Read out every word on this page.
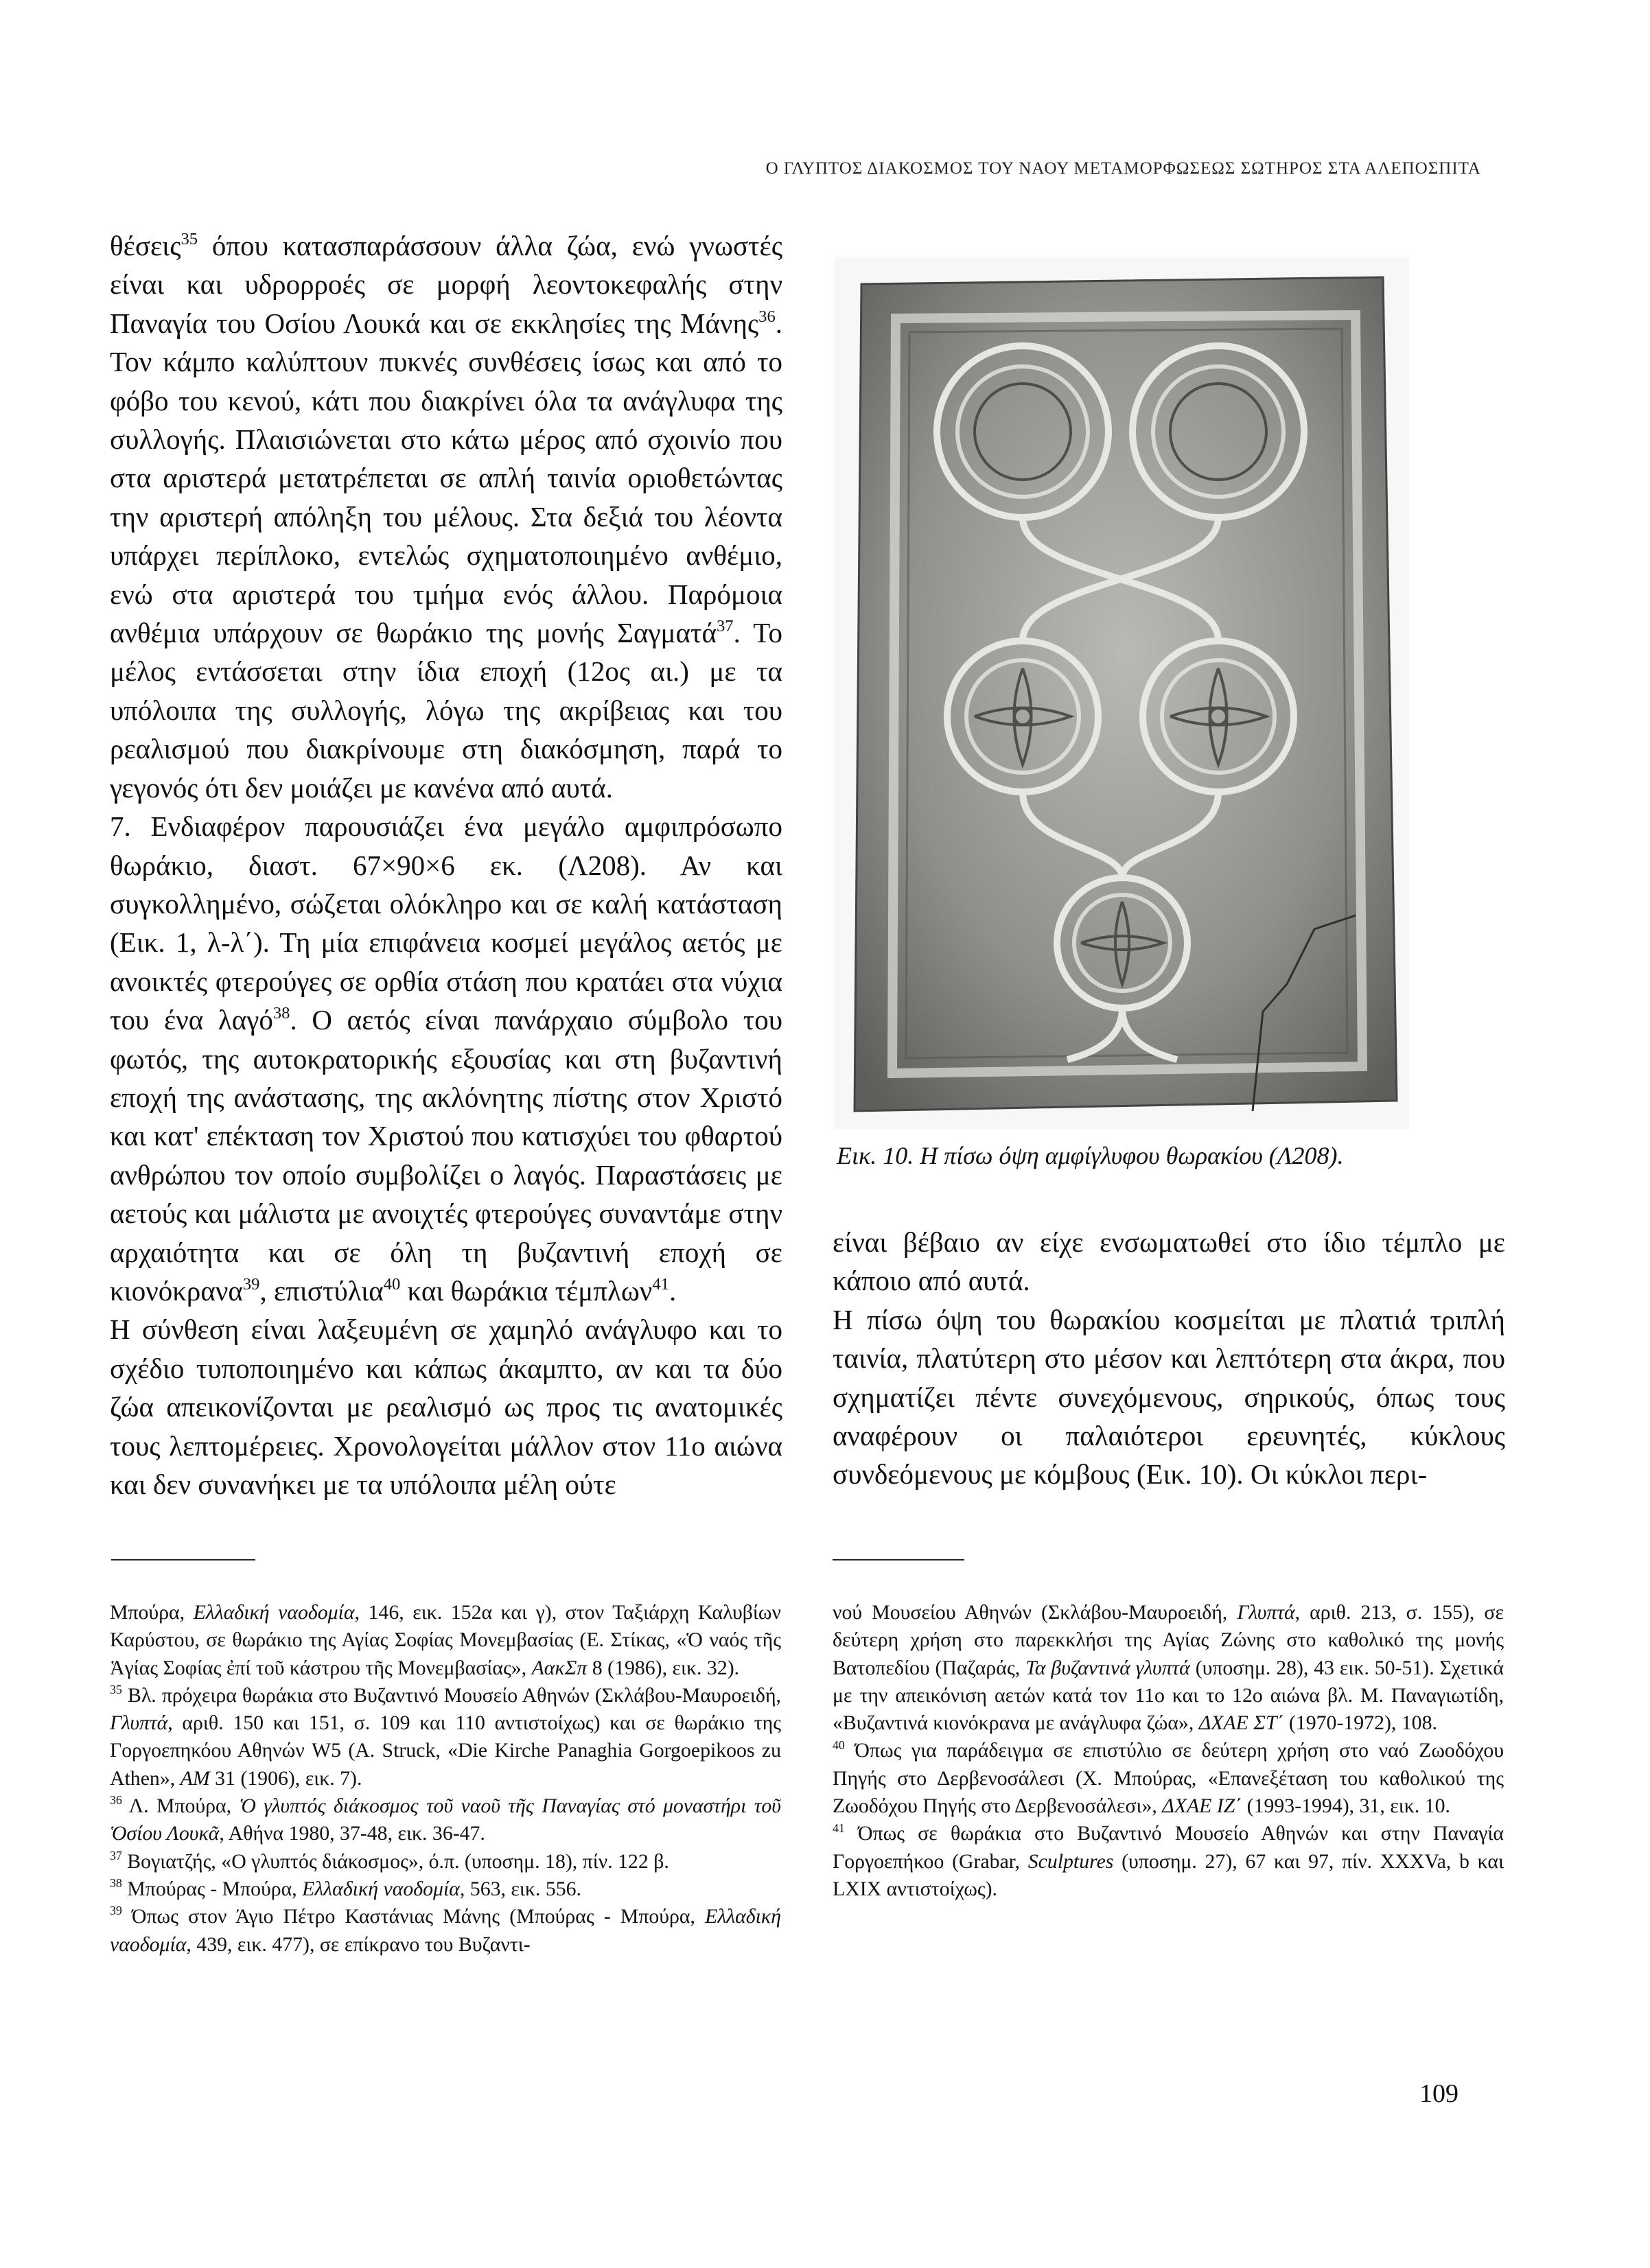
Ο ΓΛΥΠΤΟΣ ΔΙΑΚΟΣΜΟΣ ΤΟΥ ΝΑΟΥ ΜΕΤΑΜΟΡΦΩΣΕΩΣ ΣΩΤΗΡΟΣ ΣΤΑ ΑΛΕΠΟΣΠΙΤΑ

θέσεις$^{35}$ όπου κατασπαράσσουν άλλα ζώα, ενώ γνωστές είναι και υδρορροές σε μορφή λεοντοκεφαλής στην Παναγία του Οσίου Λουκά και σε εκκλησίες της Μάνης$^{36}$. Τον κάμπο καλύπτουν πυκνές συνθέσεις ίσως και από το φόβο του κενού, κάτι που διακρίνει όλα τα ανάγλυφα της συλλογής. Πλαισιώνεται στο κάτω μέρος από σχοινίο που στα αριστερά μετατρέπεται σε απλή ταινία οριοθετώντας την αριστερή απόληξη του μέλους. Στα δεξιά του λέοντα υπάρχει περίπλοκο, εντελώς σχηματοποιημένο ανθέμιο, ενώ στα αριστερά του τμήμα ενός άλλου. Παρόμοια ανθέμια υπάρχουν σε θωράκιο της μονής Σαγματά$^{37}$. Το μέλος εντάσσεται στην ίδια εποχή (12ος αι.) με τα υπόλοιπα της συλλογής, λόγω της ακρίβειας και του ρεαλισμού που διακρίνουμε στη διακόσμηση, παρά το γεγονός ότι δεν μοιάζει με κανένα από αυτά.

7. Ενδιαφέρον παρουσιάζει ένα μεγάλο αμφιπρόσωπο θωράκιο, διαστ. 67×90×6 εκ. (Λ208). Αν και συγκολλημένο, σώζεται ολόκληρο και σε καλή κατάσταση (Εικ. 1, λ-λ΄). Τη μία επιφάνεια κοσμεί μεγάλος αετός με ανοικτές φτερούγες σε ορθία στάση που κρατάει στα νύχια του ένα λαγό$^{38}$. Ο αετός είναι πανάρχαιο σύμβολο του φωτός, της αυτοκρατορικής εξουσίας και στη βυζαντινή εποχή της ανάστασης, της ακλόνητης πίστης στον Χριστό και κατ' επέκταση τον Χριστού που κατισχύει του φθαρτού ανθρώπου τον οποίο συμβολίζει ο λαγός. Παραστάσεις με αετούς και μάλιστα με ανοιχτές φτερούγες συναντάμε στην αρχαιότητα και σε όλη τη βυζαντινή εποχή σε κιονόκρανα$^{39}$, επιστύλια$^{40}$ και θωράκια τέμπλων$^{41}$.

Η σύνθεση είναι λαξευμένη σε χαμηλό ανάγλυφο και το σχέδιο τυποποιημένο και κάπως άκαμπτο, αν και τα δύο ζώα απεικονίζονται με ρεαλισμό ως προς τις ανατομικές τους λεπτομέρειες. Χρονολογείται μάλλον στον 11ο αιώνα και δεν συνανήκει με τα υπόλοιπα μέλη ούτε

Εικ. 10. Η πίσω όψη αμφίγλυφου θωρακίου (Λ208).

είναι βέβαιο αν είχε ενσωματωθεί στο ίδιο τέμπλο με κάποιο από αυτά.

Η πίσω όψη του θωρακίου κοσμείται με πλατιά τριπλή ταινία, πλατύτερη στο μέσον και λεπτότερη στα άκρα, που σχηματίζει πέντε συνεχόμενους, σηρικούς, όπως τους αναφέρουν οι παλαιότεροι ερευνητές, κύκλους συνδεόμενους με κόμβους (Εικ. 10). Οι κύκλοι περι-

Μπούρα, Ελλαδική ναοδομία, 146, εικ. 152α και γ), στον Ταξιάρχη Καλυβίων Καρύστου, σε θωράκιο της Αγίας Σοφίας Μονεμβασίας (Ε. Στίκας, «Ὁ ναός τῆς Ἁγίας Σοφίας ἐπί τοῦ κάστρου τῆς Μονεμβασίας», ΑακΣπ 8 (1986), εικ. 32).

$^{35}$ Βλ. πρόχειρα θωράκια στο Βυζαντινό Μουσείο Αθηνών (Σκλάβου-Μαυροειδή, Γλυπτά, αριθ. 150 και 151, σ. 109 και 110 αντιστοίχως) και σε θωράκιο της Γοργοεπηκόου Αθηνών W5 (A. Struck, «Die Kirche Panaghia Gorgoepikoos zu Athen», AM 31 (1906), εικ. 7).

$^{36}$ Λ. Μπούρα, Ὁ γλυπτός διάκοσμος τοῦ ναοῦ τῆς Παναγίας στό μοναστήρι τοῦ Ὁσίου Λουκᾶ, Αθήνα 1980, 37-48, εικ. 36-47.

$^{37}$ Βογιατζής, «Ο γλυπτός διάκοσμος», ό.π. (υποσημ. 18), πίν. 122 β.

$^{38}$ Μπούρας - Μπούρα, Ελλαδική ναοδομία, 563, εικ. 556.

$^{39}$ Όπως στον Άγιο Πέτρο Καστάνιας Μάνης (Μπούρας - Μπούρα, Ελλαδική ναοδομία, 439, εικ. 477), σε επίκρανο του Βυζαντι-

νού Μουσείου Αθηνών (Σκλάβου-Μαυροειδή, Γλυπτά, αριθ. 213, σ. 155), σε δεύτερη χρήση στο παρεκκλήσι της Αγίας Ζώνης στο καθολικό της μονής Βατοπεδίου (Παζαράς, Τα βυζαντινά γλυπτά (υποσημ. 28), 43 εικ. 50-51). Σχετικά με την απεικόνιση αετών κατά τον 11ο και το 12ο αιώνα βλ. Μ. Παναγιωτίδη, «Βυζαντινά κιονόκρανα με ανάγλυφα ζώα», ΔΧΑΕ ΣΤ΄ (1970-1972), 108.

$^{40}$ Όπως για παράδειγμα σε επιστύλιο σε δεύτερη χρήση στο ναό Ζωοδόχου Πηγής στο Δερβενοσάλεσι (Χ. Μπούρας, «Επανεξέταση του καθολικού της Ζωοδόχου Πηγής στο Δερβενοσάλεσι», ΔΧΑΕ ΙΖ΄ (1993-1994), 31, εικ. 10.

$^{41}$ Όπως σε θωράκια στο Βυζαντινό Μουσείο Αθηνών και στην Παναγία Γοργοεπήκοο (Grabar, Sculptures (υποσημ. 27), 67 και 97, πίν. XXXVa, b και LXIX αντιστοίχως).

109
